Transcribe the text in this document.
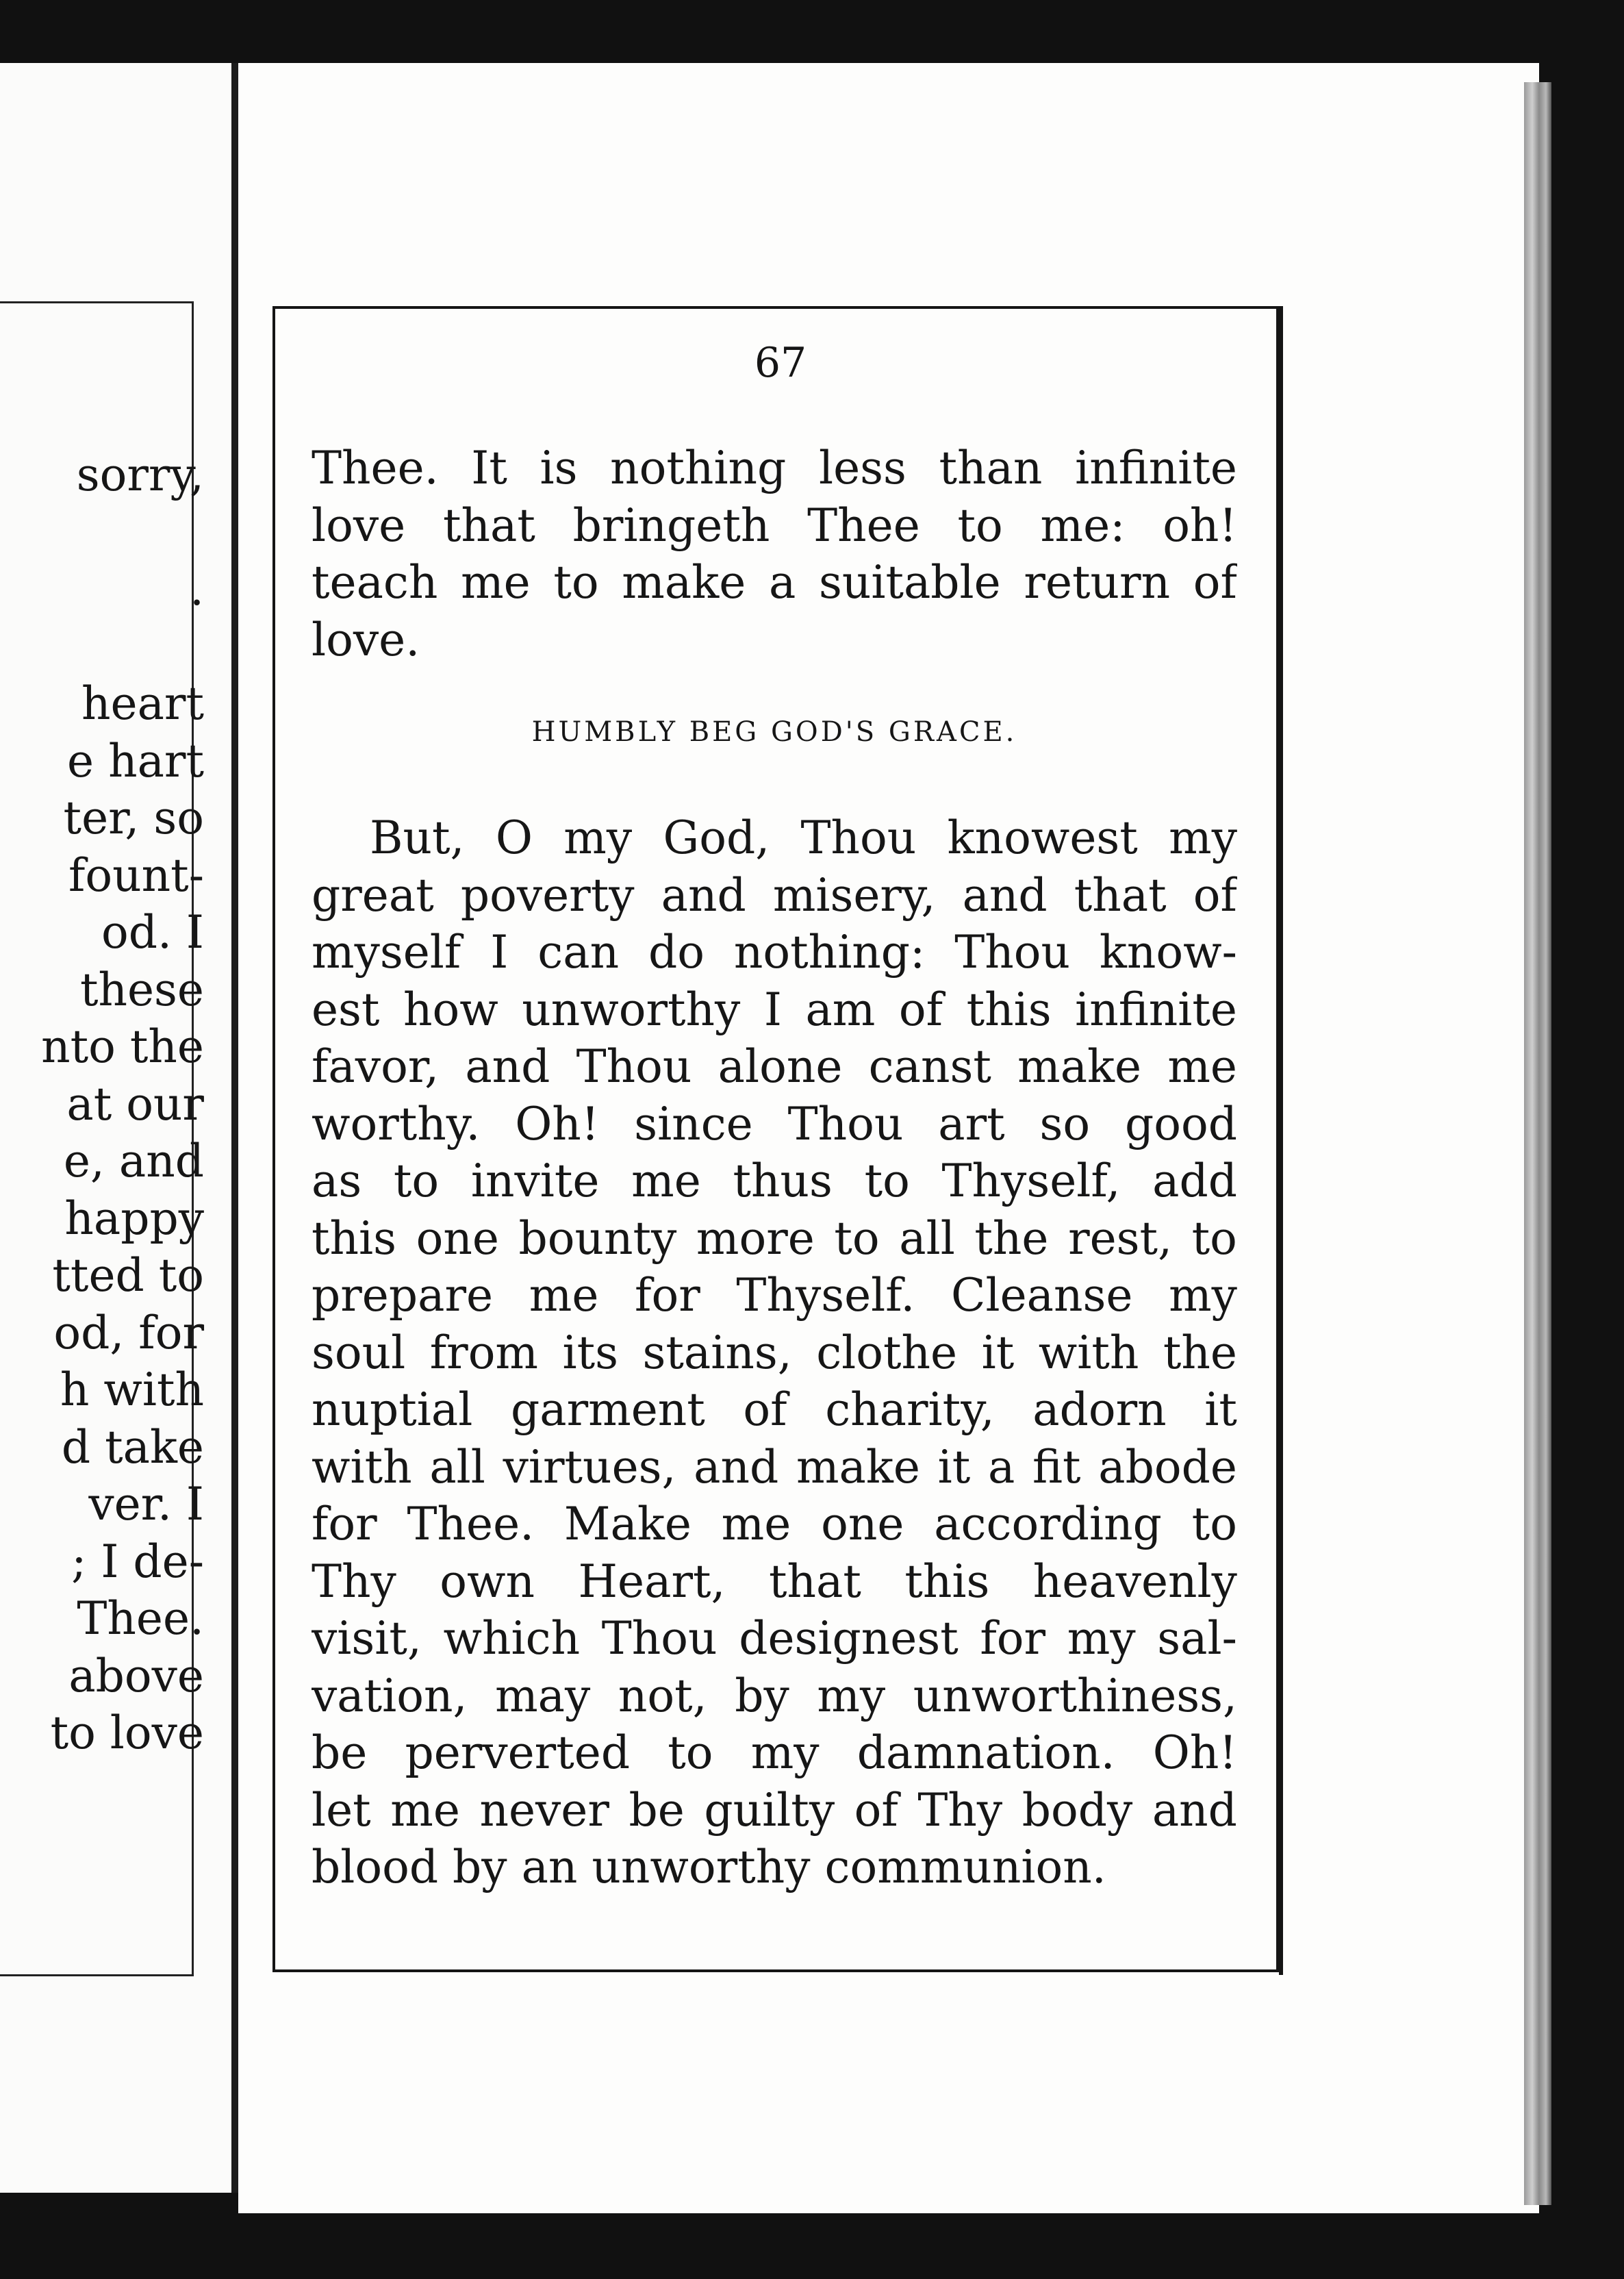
sorry,
.
heart
e hart
ter, so
fount-
od. I
these
nto the
at our
e, and
happy
tted to
od, for
h with
d take
ver. I
; I de-
Thee.
above
to love
67
Thee. It is nothing less than infinite
love that bringeth Thee to me: oh!
teach me to make a suitable return of
love.
HUMBLY BEG GOD'S GRACE.
But, O my God, Thou knowest my
great poverty and misery, and that of
myself I can do nothing: Thou know-
est how unworthy I am of this infinite
favor, and Thou alone canst make me
worthy. Oh! since Thou art so good
as to invite me thus to Thyself, add
this one bounty more to all the rest, to
prepare me for Thyself. Cleanse my
soul from its stains, clothe it with the
nuptial garment of charity, adorn it
with all virtues, and make it a fit abode
for Thee. Make me one according to
Thy own Heart, that this heavenly
visit, which Thou designest for my sal-
vation, may not, by my unworthiness,
be perverted to my damnation. Oh!
let me never be guilty of Thy body and
blood by an unworthy communion.
